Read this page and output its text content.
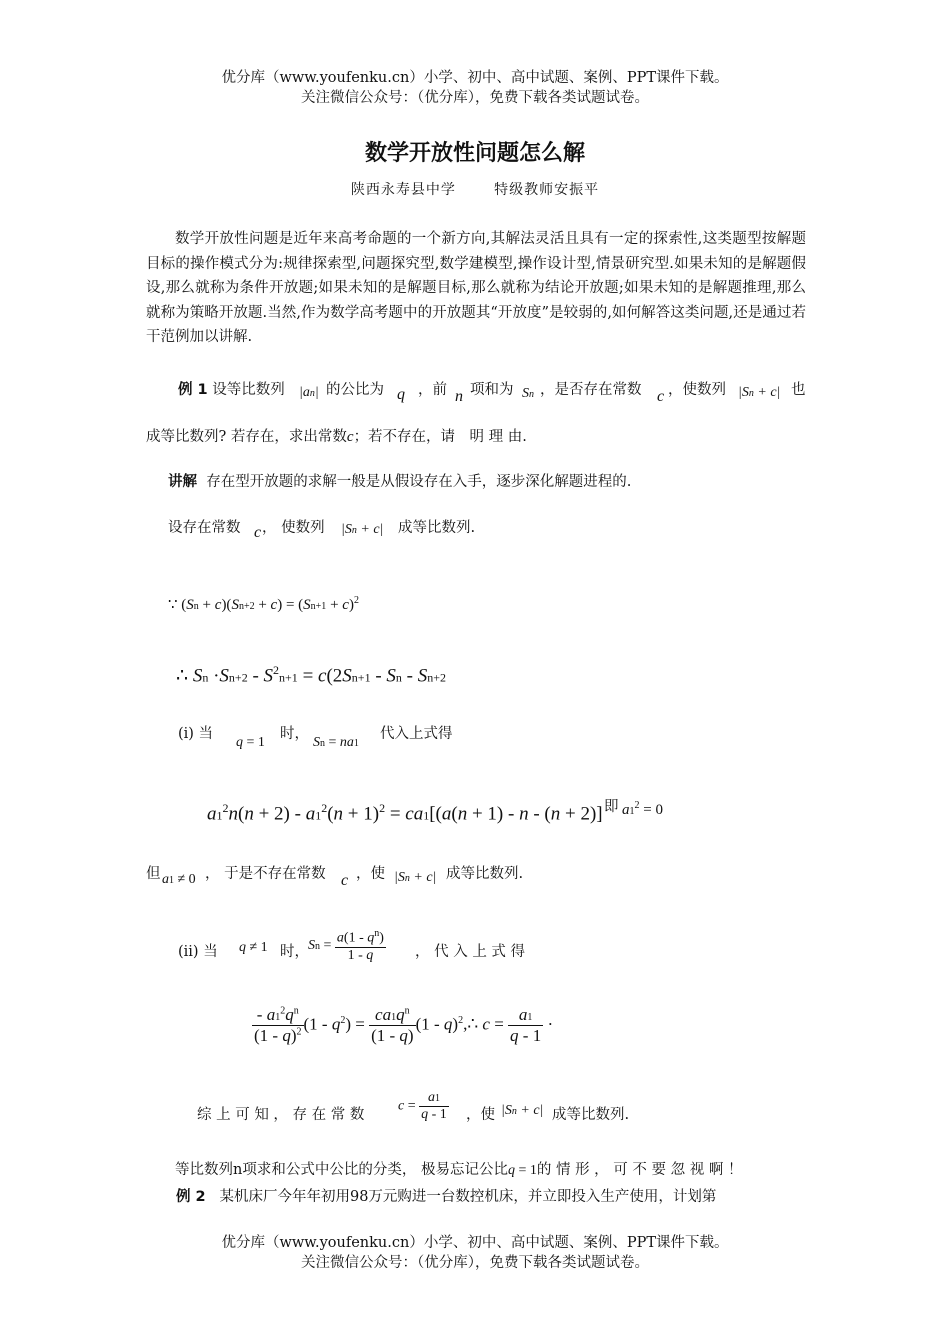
优分库（www.youfenku.cn）小学、初中、高中试题、案例、PPT课件下载。
关注微信公众号：（优分库），免费下载各类试题试卷。
数学开放性问题怎么解
陕西永寿县中学	特级教师安振平
数学开放性问题是近年来高考命题的一个新方向,其解法灵活且具有一定的探索性,这类题型按解题目标的操作模式分为:规律探索型,问题探究型,数学建模型,操作设计型,情景研究型.如果未知的是解题假设,那么就称为条件开放题;如果未知的是解题目标,那么就称为结论开放题;如果未知的是解题推理,那么就称为策略开放题.当然,作为数学高考题中的开放题其“开放度”是较弱的,如何解答这类问题,还是通过若干范例加以讲解.
例 1 设等比数列 |an| 的公比为 q ，前 n 项和为 Sn ，是否存在常数 c ，使数列 |Sn + c| 也
成等比数列? 若存在，求出常数c；若不存在，请　明 理 由.
讲解 存在型开放题的求解一般是从假设存在入手，逐步深化解题进程的.
设存在常数 c ， 使数列 |Sn + c| 成等比数列.
∵ $(Sn + c)(Sn+2 + c) = (Sn+1 + c)^2$
∴ $Sn \cdot Sn+2 - S^2n+1 = c(2Sn+1 - Sn - Sn+2$
(i) 当
q = 1
时，
Sn = na1
代入上式得
$a1^2n(n + 2) - a1^2(n + 1)^2 = ca1[(a(n + 1) - n - (n + 2)]$ 即 $a1^2 = 0$
但 a1 ≠ 0 ， 于是不存在常数 c ，使 |Sn + c| 成等比数列.
(ii) 当 q ≠ 1 时， $Sn = \frac{a(1 - q^n)}{1 - q}$ ， 代 入 上 式 得
$\frac{- a1^2q^n}{(1 - q)^2} (1 - q^2) = \frac{ca1q^n}{(1 - q)} (1$ - q)$^2$,∴ $c = \frac{a1}{q - 1}$ ·
综 上 可 知 ， 存 在 常 数
$c = \frac{a1}{q - 1}$ ，使 |Sn + c| 成等比数列.
等比数列n项求和公式中公比的分类， 极易忘记公比q = 1的 情 形 ， 可 不 要 忽 视 啊 ！
例 2 某机床厂今年年初用98万元购进一台数控机床，并立即投入生产使用，计划第
优分库（www.youfenku.cn）小学、初中、高中试题、案例、PPT课件下载。
关注微信公众号：（优分库），免费下载各类试题试卷。
